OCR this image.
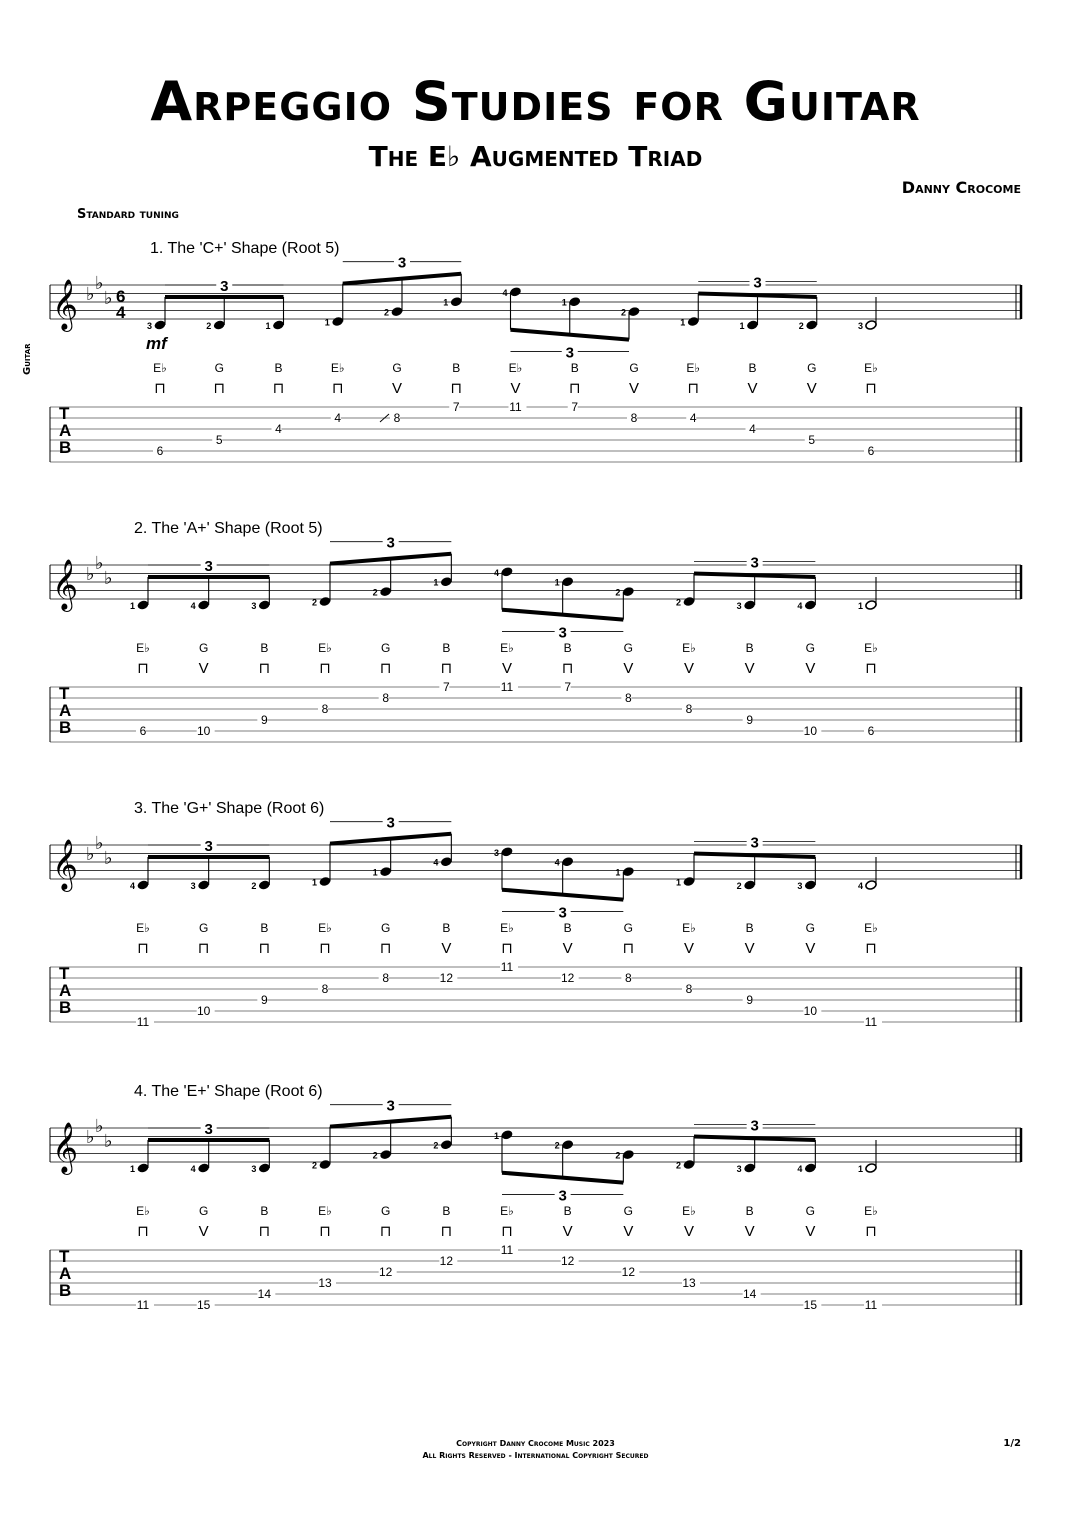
Arpeggio Studies for Guitar
The E♭ Augmented Triad
Danny Crocome
Standard tuning
Guitar
1. The 'C+' Shape (Root 5)
𝄞 ♭
♭
♭ 6
4
T
A
B
3
E♭
⊓
6
2
G
⊓
5
1
B
⊓
4
1
E♭
⊓
4
2
G
V
8
1
B
⊓
7
4
E♭
V
11
1
B
⊓
7
2
G
V
8
1
E♭
⊓
4
1
B
V
4
2
G
V
5
3
E♭
⊓
6
3
3
3
3
mf
2. The 'A+' Shape (Root 5)
𝄞 ♭
♭
♭
T
A
B
1
E♭
⊓
6
4
G
V
10
3
B
⊓
9
2
E♭
⊓
8
2
G
⊓
8
1
B
⊓
7
4
E♭
V
11
1
B
⊓
7
2
G
V
8
2
E♭
V
8
3
B
V
9
4
G
V
10
1
E♭
⊓
6
3
3
3
3
3. The 'G+' Shape (Root 6)
𝄞 ♭
♭
♭
T
A
B
4
E♭
⊓
11
3
G
⊓
10
2
B
⊓
9
1
E♭
⊓
8
1
G
⊓
8
4
B
V
12
3
E♭
⊓
11
4
B
V
12
1
G
⊓
8
1
E♭
V
8
2
B
V
9
3
G
V
10
4
E♭
⊓
11
3
3
3
3
4. The 'E+' Shape (Root 6)
𝄞 ♭
♭
♭
T
A
B
1
E♭
⊓
11
4
G
V
15
3
B
⊓
14
2
E♭
⊓
13
2
G
⊓
12
2
B
⊓
12
1
E♭
⊓
11
2
B
V
12
2
G
V
12
2
E♭
V
13
3
B
V
14
4
G
V
15
1
E♭
⊓
11
3
3
3
3
Copyright Danny Crocome Music 2023
All Rights Reserved - International Copyright Secured
1/2
